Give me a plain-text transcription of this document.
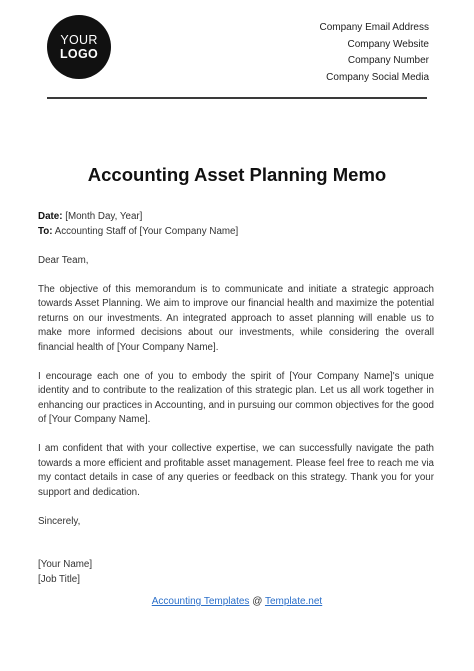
YOUR
LOGO
Company Email Address
Company Website
Company Number
Company Social Media
Accounting Asset Planning Memo

Date: [Month Day, Year]

To: Accounting Staff of [Your Company Name]

Dear Team,

The objective of this memorandum is to communicate and initiate a strategic approach towards Asset Planning. We aim to improve our financial health and maximize the potential returns on our investments. An integrated approach to asset planning will enable us to make more informed decisions about our investments, while considering the overall financial health of [Your Company Name].

I encourage each one of you to embody the spirit of [Your Company Name]'s unique identity and to contribute to the realization of this strategic plan. Let us all work together in enhancing our practices in Accounting, and in pursuing our common objectives for the good of [Your Company Name].

I am confident that with your collective expertise, we can successfully navigate the path towards a more efficient and profitable asset management. Please feel free to reach me via my contact details in case of any queries or feedback on this strategy. Thank you for your support and dedication.

Sincerely,

[Your Name]

[Job Title]

Accounting Templates @ Template.net
